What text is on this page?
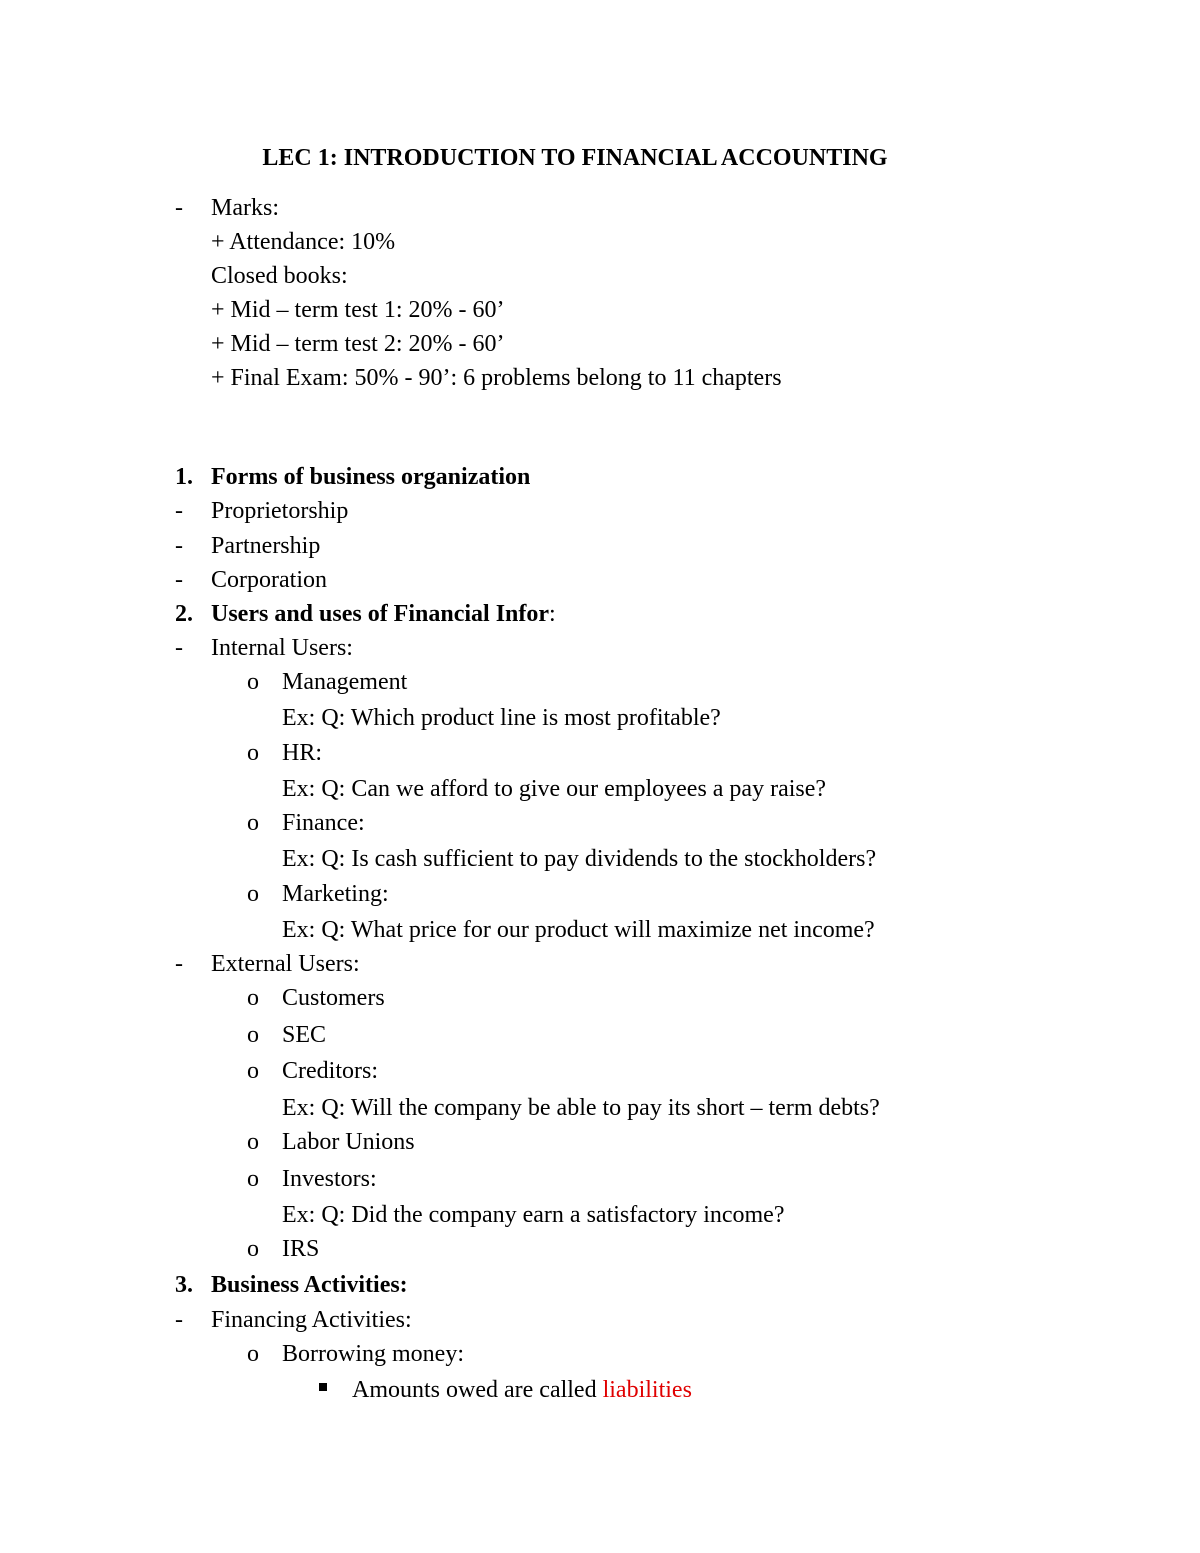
LEC 1: INTRODUCTION TO FINANCIAL ACCOUNTING
- Marks:
+ Attendance: 10%
Closed books:
+ Mid – term test 1: 20% - 60’
+ Mid – term test 2: 20% - 60’
+ Final Exam: 50% - 90’: 6 problems belong to 11 chapters
1. Forms of business organization
- Proprietorship
- Partnership
- Corporation
2. Users and uses of Financial Infor:
- Internal Users:
o Management
Ex: Q: Which product line is most profitable?
o HR:
Ex: Q: Can we afford to give our employees a pay raise?
o Finance:
Ex: Q: Is cash sufficient to pay dividends to the stockholders?
o Marketing:
Ex: Q: What price for our product will maximize net income?
- External Users:
o Customers
o SEC
o Creditors:
Ex: Q: Will the company be able to pay its short – term debts?
o Labor Unions
o Investors:
Ex: Q: Did the company earn a satisfactory income?
o IRS
3. Business Activities:
- Financing Activities:
o Borrowing money:
Amounts owed are called liabilities
